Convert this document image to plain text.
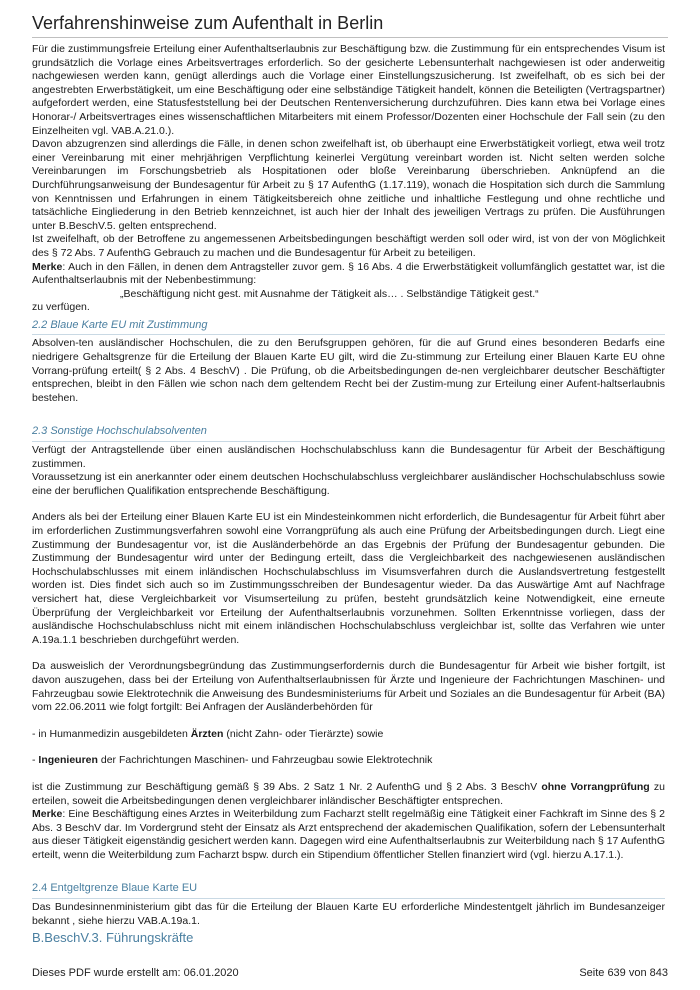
Verfahrenshinweise zum Aufenthalt in Berlin

Für die zustimmungsfreie Erteilung einer Aufenthaltserlaubnis zur Beschäftigung bzw. die Zustimmung für ein entsprechendes Visum ist grundsätzlich die Vorlage eines Arbeitsvertrages erforderlich. So der gesicherte Lebensunterhalt nachgewiesen ist oder anderweitig nachgewiesen werden kann, genügt allerdings auch die Vorlage einer Einstellungszusicherung. Ist zweifelhaft, ob es sich bei der angestrebten Erwerbstätigkeit, um eine Beschäftigung oder eine selbständige Tätigkeit handelt, können die Beteiligten (Vertragspartner) aufgefordert werden, eine Statusfeststellung bei der Deutschen Rentenversicherung durchzuführen. Dies kann etwa bei Vorlage eines Honorar-/ Arbeitsvertrages eines wissenschaftlichen Mitarbeiters mit einem Professor/Dozenten einer Hochschule der Fall sein (zu den Einzelheiten vgl. VAB.A.21.0.).

Davon abzugrenzen sind allerdings die Fälle, in denen schon zweifelhaft ist, ob überhaupt eine Erwerbstätigkeit vorliegt, etwa weil trotz einer Vereinbarung mit einer mehrjährigen Verpflichtung keinerlei Vergütung vereinbart worden ist. Nicht selten werden solche Vereinbarungen im Forschungsbetrieb als Hospitationen oder bloße Vereinbarung überschrieben. Anknüpfend an die Durchführungsanweisung der Bundesagentur für Arbeit zu § 17 AufenthG (1.17.119), wonach die Hospitation sich durch die Sammlung von Kenntnissen und Erfahrungen in einem Tätigkeitsbereich ohne zeitliche und inhaltliche Festlegung und ohne rechtliche und tatsächliche Eingliederung in den Betrieb kennzeichnet, ist auch hier der Inhalt des jeweiligen Vertrags zu prüfen. Die Ausführungen unter B.BeschV.5. gelten entsprechend.

Ist zweifelhaft, ob der Betroffene zu angemessenen Arbeitsbedingungen beschäftigt werden soll oder wird, ist von der von Möglichkeit des § 72 Abs. 7 AufenthG Gebrauch zu machen und die Bundesagentur für Arbeit zu beteiligen.

Merke: Auch in den Fällen, in denen dem Antragsteller zuvor gem. § 16 Abs. 4 die Erwerbstätigkeit vollumfänglich gestattet war, ist die Aufenthaltserlaubnis mit der Nebenbestimmung:

„Beschäftigung nicht gest. mit Ausnahme der Tätigkeit als… . Selbständige Tätigkeit gest.“

zu verfügen.

2.2 Blaue Karte EU mit Zustimmung

Absolven-ten ausländischer Hochschulen, die zu den Berufsgruppen gehören, für die auf Grund eines besonderen Bedarfs eine niedrigere Gehaltsgrenze für die Erteilung der Blauen Karte EU gilt, wird die Zu-stimmung zur Erteilung einer Blauen Karte EU ohne Vorrang-prüfung erteilt( § 2 Abs. 4 BeschV) . Die Prüfung, ob die Arbeitsbedingungen de-nen vergleichbarer deutscher Beschäftigter entsprechen, bleibt in den Fällen wie schon nach dem geltendem Recht bei der Zustim-mung zur Erteilung einer Aufent-haltserlaubnis bestehen.

2.3 Sonstige Hochschulabsolventen

Verfügt der Antragstellende über einen ausländischen Hochschulabschluss kann die Bundesagentur für Arbeit der Beschäftigung zustimmen.

Voraussetzung ist ein anerkannter oder einem deutschen Hochschulabschluss vergleichbarer ausländischer Hochschulabschluss sowie eine der beruflichen Qualifikation entsprechende Beschäftigung.

Anders als bei der Erteilung einer Blauen Karte EU ist ein Mindesteinkommen nicht erforderlich, die Bundesagentur für Arbeit führt aber im erforderlichen Zustimmungsverfahren sowohl eine Vorrangprüfung als auch eine Prüfung der Arbeitsbedingungen durch. Liegt eine Zustimmung der Bundesagentur vor, ist die Ausländerbehörde an das Ergebnis der Prüfung der Bundesagentur gebunden. Die Zustimmung der Bundesagentur wird unter der Bedingung erteilt, dass die Vergleichbarkeit des nachgewiesenen ausländischen Hochschulabschlusses mit einem inländischen Hochschulabschluss im Visumsverfahren durch die Auslandsvertretung festgestellt worden ist. Dies findet sich auch so im Zustimmungsschreiben der Bundesagentur wieder. Da das Auswärtige Amt auf Nachfrage versichert hat, diese Vergleichbarkeit vor Visumserteilung zu prüfen, besteht grundsätzlich keine Notwendigkeit, eine erneute Überprüfung der Vergleichbarkeit vor Erteilung der Aufenthaltserlaubnis vorzunehmen. Sollten Erkenntnisse vorliegen, dass der ausländische Hochschulabschluss nicht mit einem inländischen Hochschulabschluss vergleichbar ist, sollte das Verfahren wie unter A.19a.1.1 beschrieben durchgeführt werden.

Da ausweislich der Verordnungsbegründung das Zustimmungserfordernis durch die Bundesagentur für Arbeit wie bisher fortgilt, ist davon auszugehen, dass bei der Erteilung von Aufenthaltserlaubnissen für Ärzte und Ingenieure der Fachrichtungen Maschinen- und Fahrzeugbau sowie Elektrotechnik die Anweisung des Bundesministeriums für Arbeit und Soziales an die Bundesagentur für Arbeit (BA) vom 22.06.2011 wie folgt fortgilt: Bei Anfragen der Ausländerbehörden für

- in Humanmedizin ausgebildeten Ärzten (nicht Zahn- oder Tierärzte) sowie

- Ingenieuren der Fachrichtungen Maschinen- und Fahrzeugbau sowie Elektrotechnik

ist die Zustimmung zur Beschäftigung gemäß § 39 Abs. 2 Satz 1 Nr. 2 AufenthG und § 2 Abs. 3 BeschV ohne Vorrangprüfung zu erteilen, soweit die Arbeitsbedingungen denen vergleichbarer inländischer Beschäftigter entsprechen.

Merke: Eine Beschäftigung eines Arztes in Weiterbildung zum Facharzt stellt regelmäßig eine Tätigkeit einer Fachkraft im Sinne des § 2 Abs. 3 BeschV dar. Im Vordergrund steht der Einsatz als Arzt entsprechend der akademischen Qualifikation, sofern der Lebensunterhalt aus dieser Tätigkeit eigenständig gesichert werden kann. Dagegen wird eine Aufenthaltserlaubnis zur Weiterbildung nach § 17 AufenthG erteilt, wenn die Weiterbildung zum Facharzt bspw. durch ein Stipendium öffentlicher Stellen finanziert wird (vgl. hierzu A.17.1.).

2.4 Entgeltgrenze Blaue Karte EU

Das Bundesinnenministerium gibt das für die Erteilung der Blauen Karte EU erforderliche Mindestentgelt jährlich im Bundesanzeiger bekannt , siehe hierzu VAB.A.19a.1.

B.BeschV.3. Führungskräfte
Dieses PDF wurde erstellt am: 06.01.2020	Seite 639 von 843
